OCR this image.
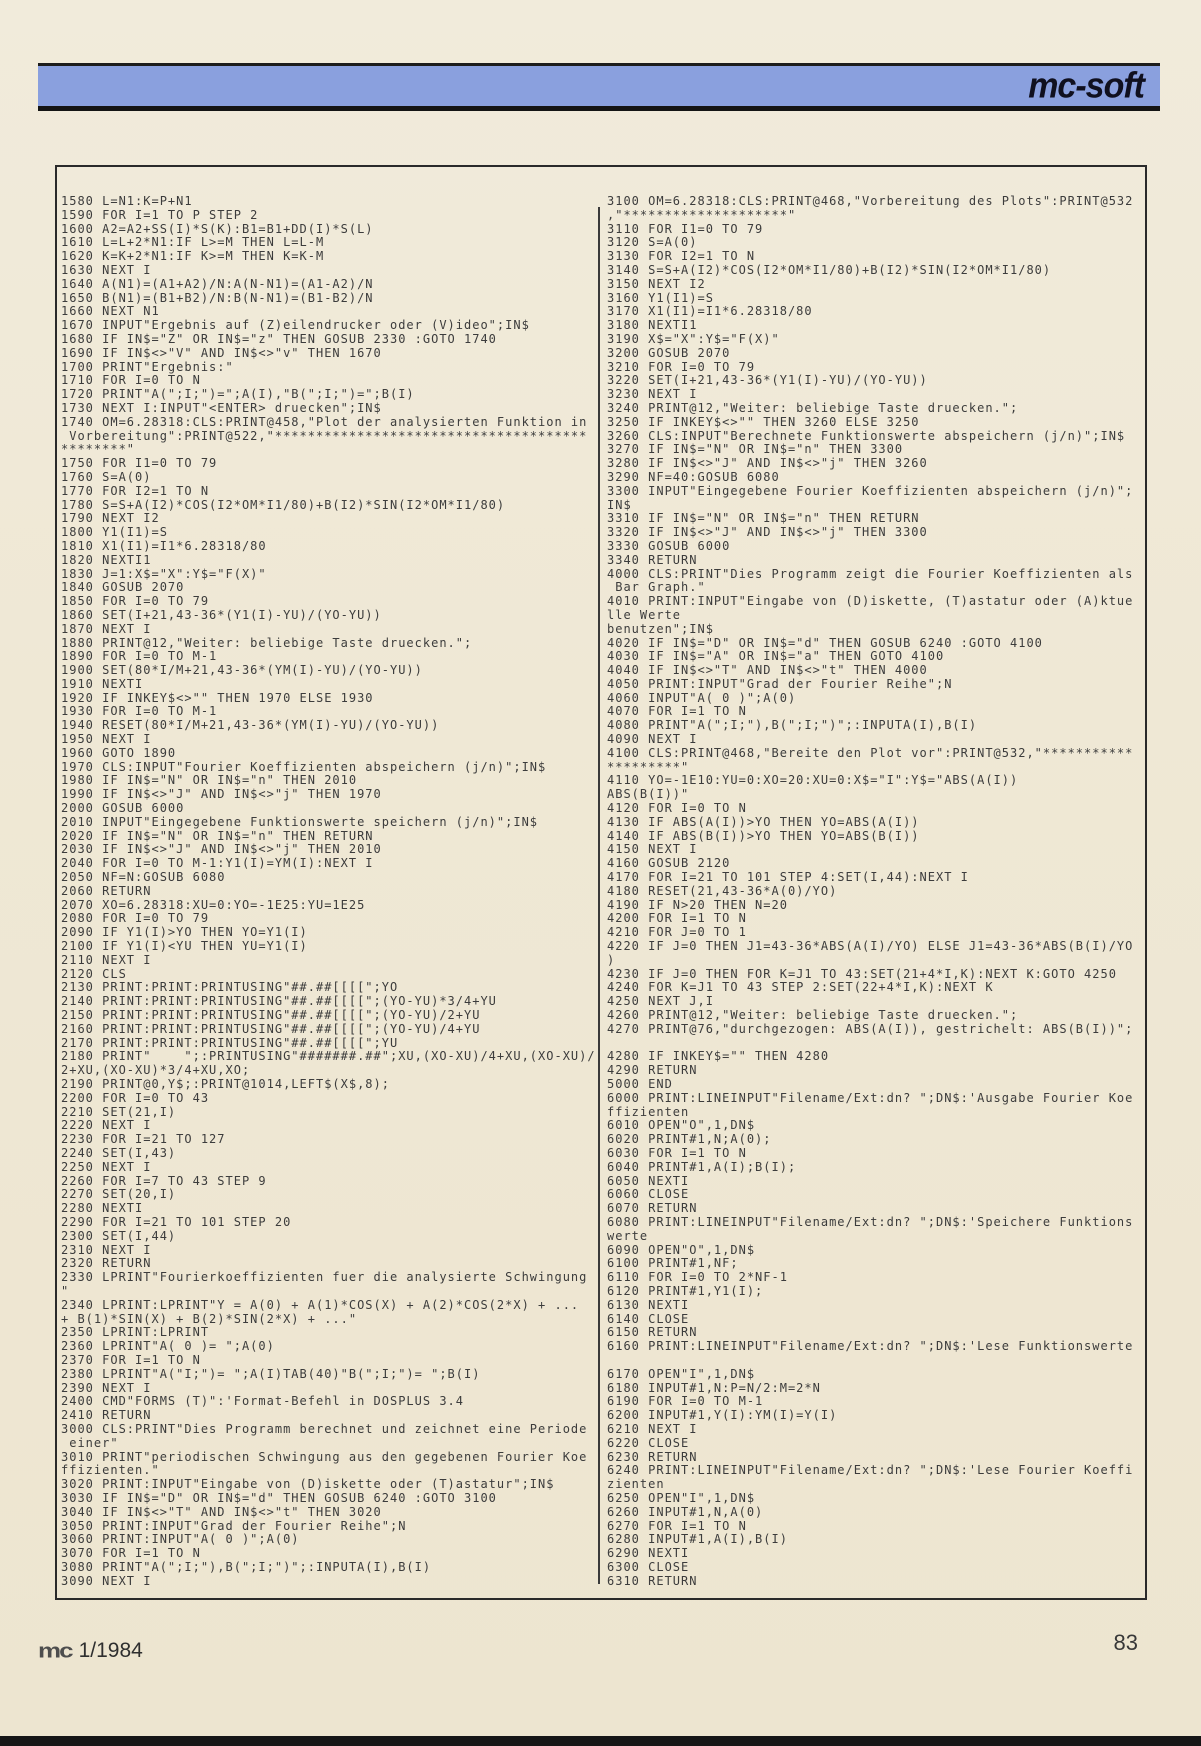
mc-soft
1580 L=N1:K=P+N1
1590 FOR I=1 TO P STEP 2
1600 A2=A2+SS(I)*S(K):B1=B1+DD(I)*S(L)
1610 L=L+2*N1:IF L>=M THEN L=L-M
1620 K=K+2*N1:IF K>=M THEN K=K-M
1630 NEXT I
1640 A(N1)=(A1+A2)/N:A(N-N1)=(A1-A2)/N
1650 B(N1)=(B1+B2)/N:B(N-N1)=(B1-B2)/N
1660 NEXT N1
1670 INPUT"Ergebnis auf (Z)eilendrucker oder (V)ideo";IN$
1680 IF IN$="Z" OR IN$="z" THEN GOSUB 2330 :GOTO 1740
1690 IF IN$<>"V" AND IN$<>"v" THEN 1670
1700 PRINT"Ergebnis:"
1710 FOR I=0 TO N
1720 PRINT"A(";I;")=";A(I),"B(";I;")=";B(I)
1730 NEXT I:INPUT"<ENTER> druecken";IN$
1740 OM=6.28318:CLS:PRINT@458,"Plot der analysierten Funktion in
Vorbereitung":PRINT@522,"**************************************
********"
1750 FOR I1=0 TO 79
1760 S=A(0)
1770 FOR I2=1 TO N
1780 S=S+A(I2)*COS(I2*OM*I1/80)+B(I2)*SIN(I2*OM*I1/80)
1790 NEXT I2
1800 Y1(I1)=S
1810 X1(I1)=I1*6.28318/80
1820 NEXTI1
1830 J=1:X$="X":Y$="F(X)"
1840 GOSUB 2070
1850 FOR I=0 TO 79
1860 SET(I+21,43-36*(Y1(I)-YU)/(YO-YU))
1870 NEXT I
1880 PRINT@12,"Weiter: beliebige Taste druecken.";
1890 FOR I=0 TO M-1
1900 SET(80*I/M+21,43-36*(YM(I)-YU)/(YO-YU))
1910 NEXTI
1920 IF INKEY$<>"" THEN 1970 ELSE 1930
1930 FOR I=0 TO M-1
1940 RESET(80*I/M+21,43-36*(YM(I)-YU)/(YO-YU))
1950 NEXT I
1960 GOTO 1890
1970 CLS:INPUT"Fourier Koeffizienten abspeichern (j/n)";IN$
1980 IF IN$="N" OR IN$="n" THEN 2010
1990 IF IN$<>"J" AND IN$<>"j" THEN 1970
2000 GOSUB 6000
2010 INPUT"Eingegebene Funktionswerte speichern (j/n)";IN$
2020 IF IN$="N" OR IN$="n" THEN RETURN
2030 IF IN$<>"J" AND IN$<>"j" THEN 2010
2040 FOR I=0 TO M-1:Y1(I)=YM(I):NEXT I
2050 NF=N:GOSUB 6080
2060 RETURN
2070 XO=6.28318:XU=0:YO=-1E25:YU=1E25
2080 FOR I=0 TO 79
2090 IF Y1(I)>YO THEN YO=Y1(I)
2100 IF Y1(I)<YU THEN YU=Y1(I)
2110 NEXT I
2120 CLS
2130 PRINT:PRINT:PRINTUSING"##.##[[[[";YO
2140 PRINT:PRINT:PRINTUSING"##.##[[[[";(YO-YU)*3/4+YU
2150 PRINT:PRINT:PRINTUSING"##.##[[[[";(YO-YU)/2+YU
2160 PRINT:PRINT:PRINTUSING"##.##[[[[";(YO-YU)/4+YU
2170 PRINT:PRINT:PRINTUSING"##.##[[[[";YU
2180 PRINT"    ";:PRINTUSING"#######.##";XU,(XO-XU)/4+XU,(XO-XU)/
2+XU,(XO-XU)*3/4+XU,XO;
2190 PRINT@0,Y$;:PRINT@1014,LEFT$(X$,8);
2200 FOR I=0 TO 43
2210 SET(21,I)
2220 NEXT I
2230 FOR I=21 TO 127
2240 SET(I,43)
2250 NEXT I
2260 FOR I=7 TO 43 STEP 9
2270 SET(20,I)
2280 NEXTI
2290 FOR I=21 TO 101 STEP 20
2300 SET(I,44)
2310 NEXT I
2320 RETURN
2330 LPRINT"Fourierkoeffizienten fuer die analysierte Schwingung
"
2340 LPRINT:LPRINT"Y = A(0) + A(1)*COS(X) + A(2)*COS(2*X) + ...
+ B(1)*SIN(X) + B(2)*SIN(2*X) + ..."
2350 LPRINT:LPRINT
2360 LPRINT"A( 0 )= ";A(0)
2370 FOR I=1 TO N
2380 LPRINT"A("I;")= ";A(I)TAB(40)"B(";I;")= ";B(I)
2390 NEXT I
2400 CMD"FORMS (T)":'Format-Befehl in DOSPLUS 3.4
2410 RETURN
3000 CLS:PRINT"Dies Programm berechnet und zeichnet eine Periode
einer"
3010 PRINT"periodischen Schwingung aus den gegebenen Fourier Koe
ffizienten."
3020 PRINT:INPUT"Eingabe von (D)iskette oder (T)astatur";IN$
3030 IF IN$="D" OR IN$="d" THEN GOSUB 6240 :GOTO 3100
3040 IF IN$<>"T" AND IN$<>"t" THEN 3020
3050 PRINT:INPUT"Grad der Fourier Reihe";N
3060 PRINT:INPUT"A( 0 )";A(0)
3070 FOR I=1 TO N
3080 PRINT"A(";I;"),B(";I;")";:INPUTA(I),B(I)
3090 NEXT I
3100 OM=6.28318:CLS:PRINT@468,"Vorbereitung des Plots":PRINT@532
,"********************"
3110 FOR I1=0 TO 79
3120 S=A(0)
3130 FOR I2=1 TO N
3140 S=S+A(I2)*COS(I2*OM*I1/80)+B(I2)*SIN(I2*OM*I1/80)
3150 NEXT I2
3160 Y1(I1)=S
3170 X1(I1)=I1*6.28318/80
3180 NEXTI1
3190 X$="X":Y$="F(X)"
3200 GOSUB 2070
3210 FOR I=0 TO 79
3220 SET(I+21,43-36*(Y1(I)-YU)/(YO-YU))
3230 NEXT I
3240 PRINT@12,"Weiter: beliebige Taste druecken.";
3250 IF INKEY$<>"" THEN 3260 ELSE 3250
3260 CLS:INPUT"Berechnete Funktionswerte abspeichern (j/n)";IN$
3270 IF IN$="N" OR IN$="n" THEN 3300
3280 IF IN$<>"J" AND IN$<>"j" THEN 3260
3290 NF=40:GOSUB 6080
3300 INPUT"Eingegebene Fourier Koeffizienten abspeichern (j/n)";
IN$
3310 IF IN$="N" OR IN$="n" THEN RETURN
3320 IF IN$<>"J" AND IN$<>"j" THEN 3300
3330 GOSUB 6000
3340 RETURN
4000 CLS:PRINT"Dies Programm zeigt die Fourier Koeffizienten als
Bar Graph."
4010 PRINT:INPUT"Eingabe von (D)iskette, (T)astatur oder (A)ktue
lle Werte
benutzen";IN$
4020 IF IN$="D" OR IN$="d" THEN GOSUB 6240 :GOTO 4100
4030 IF IN$="A" OR IN$="a" THEN GOTO 4100
4040 IF IN$<>"T" AND IN$<>"t" THEN 4000
4050 PRINT:INPUT"Grad der Fourier Reihe";N
4060 INPUT"A( 0 )";A(0)
4070 FOR I=1 TO N
4080 PRINT"A(";I;"),B(";I;")";:INPUTA(I),B(I)
4090 NEXT I
4100 CLS:PRINT@468,"Bereite den Plot vor":PRINT@532,"***********
*********"
4110 YO=-1E10:YU=0:XO=20:XU=0:X$="I":Y$="ABS(A(I))
ABS(B(I))"
4120 FOR I=0 TO N
4130 IF ABS(A(I))>YO THEN YO=ABS(A(I))
4140 IF ABS(B(I))>YO THEN YO=ABS(B(I))
4150 NEXT I
4160 GOSUB 2120
4170 FOR I=21 TO 101 STEP 4:SET(I,44):NEXT I
4180 RESET(21,43-36*A(0)/YO)
4190 IF N>20 THEN N=20
4200 FOR I=1 TO N
4210 FOR J=0 TO 1
4220 IF J=0 THEN J1=43-36*ABS(A(I)/YO) ELSE J1=43-36*ABS(B(I)/YO
)
4230 IF J=0 THEN FOR K=J1 TO 43:SET(21+4*I,K):NEXT K:GOTO 4250
4240 FOR K=J1 TO 43 STEP 2:SET(22+4*I,K):NEXT K
4250 NEXT J,I
4260 PRINT@12,"Weiter: beliebige Taste druecken.";
4270 PRINT@76,"durchgezogen: ABS(A(I)), gestrichelt: ABS(B(I))";

4280 IF INKEY$="" THEN 4280
4290 RETURN
5000 END
6000 PRINT:LINEINPUT"Filename/Ext:dn? ";DN$:'Ausgabe Fourier Koe
ffizienten
6010 OPEN"O",1,DN$
6020 PRINT#1,N;A(0);
6030 FOR I=1 TO N
6040 PRINT#1,A(I);B(I);
6050 NEXTI
6060 CLOSE
6070 RETURN
6080 PRINT:LINEINPUT"Filename/Ext:dn? ";DN$:'Speichere Funktions
werte
6090 OPEN"O",1,DN$
6100 PRINT#1,NF;
6110 FOR I=0 TO 2*NF-1
6120 PRINT#1,Y1(I);
6130 NEXTI
6140 CLOSE
6150 RETURN
6160 PRINT:LINEINPUT"Filename/Ext:dn? ";DN$:'Lese Funktionswerte

6170 OPEN"I",1,DN$
6180 INPUT#1,N:P=N/2:M=2*N
6190 FOR I=0 TO M-1
6200 INPUT#1,Y(I):YM(I)=Y(I)
6210 NEXT I
6220 CLOSE
6230 RETURN
6240 PRINT:LINEINPUT"Filename/Ext:dn? ";DN$:'Lese Fourier Koeffi
zienten
6250 OPEN"I",1,DN$
6260 INPUT#1,N,A(0)
6270 FOR I=1 TO N
6280 INPUT#1,A(I),B(I)
6290 NEXTI
6300 CLOSE
6310 RETURN
mc 1/1984	83
